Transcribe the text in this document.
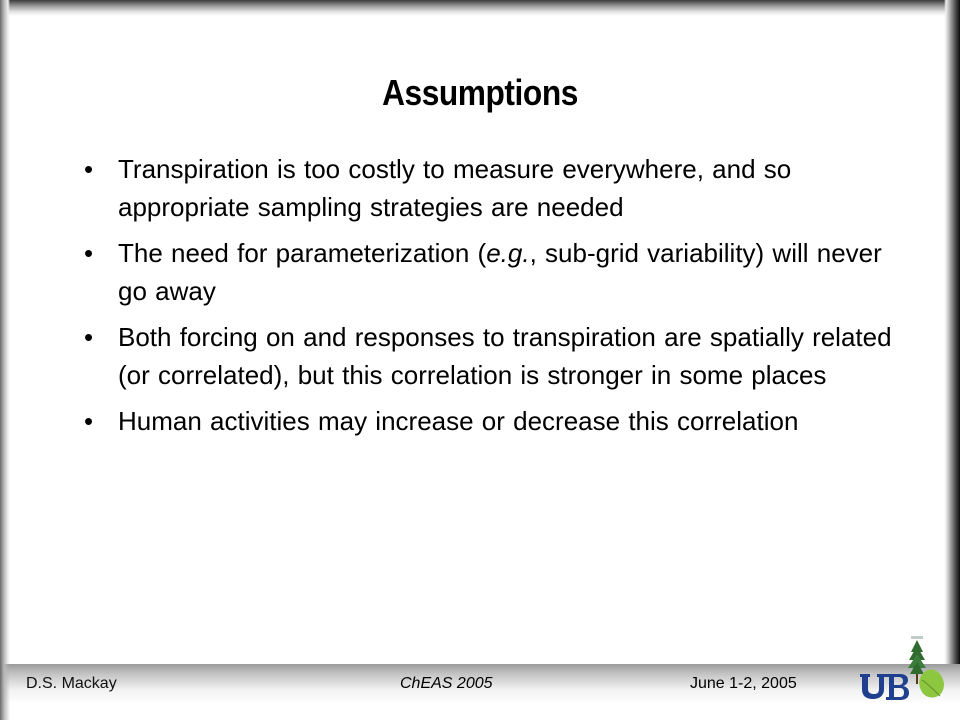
Assumptions
• Transpiration is too costly to measure everywhere, and so appropriate sampling strategies are needed
• The need for parameterization (e.g., sub-grid variability) will never go away
• Both forcing on and responses to transpiration are spatially related (or correlated), but this correlation is stronger in some places
• Human activities may increase or decrease this correlation
D.S. Mackay	ChEAS 2005	June 1-2, 2005
